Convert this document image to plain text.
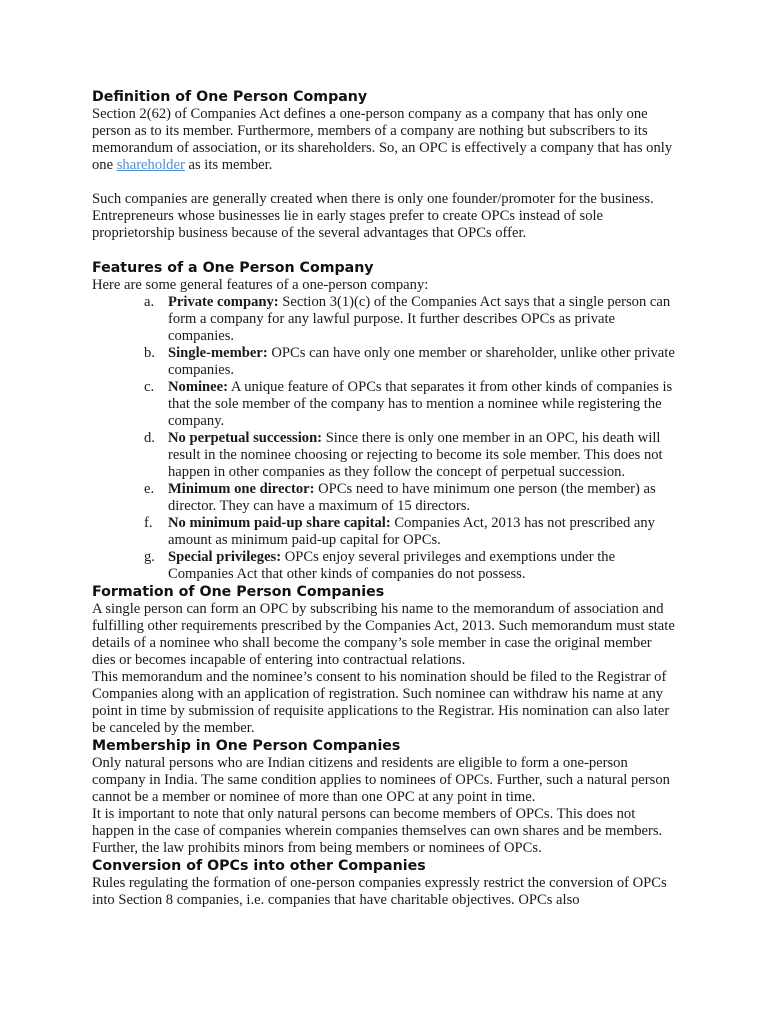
Definition of One Person Company

Section 2(62) of Companies Act defines a one-person company as a company that has only one person as to its member. Furthermore, members of a company are nothing but subscribers to its memorandum of association, or its shareholders. So, an OPC is effectively a company that has only one shareholder as its member.

Such companies are generally created when there is only one founder/promoter for the business. Entrepreneurs whose businesses lie in early stages prefer to create OPCs instead of sole proprietorship business because of the several advantages that OPCs offer.

Features of a One Person Company

Here are some general features of a one-person company:

a. Private company: Section 3(1)(c) of the Companies Act says that a single person can form a company for any lawful purpose. It further describes OPCs as private companies.
b. Single-member: OPCs can have only one member or shareholder, unlike other private companies.
c. Nominee: A unique feature of OPCs that separates it from other kinds of companies is that the sole member of the company has to mention a nominee while registering the company.
d. No perpetual succession: Since there is only one member in an OPC, his death will result in the nominee choosing or rejecting to become its sole member. This does not happen in other companies as they follow the concept of perpetual succession.
e. Minimum one director: OPCs need to have minimum one person (the member) as director. They can have a maximum of 15 directors.
f.	No minimum paid-up share capital: Companies Act, 2013 has not prescribed any amount as minimum paid-up capital for OPCs.
g. Special privileges: OPCs enjoy several privileges and exemptions under the Companies Act that other kinds of companies do not possess.
Formation of One Person Companies

A single person can form an OPC by subscribing his name to the memorandum of association and fulfilling other requirements prescribed by the Companies Act, 2013. Such memorandum must state details of a nominee who shall become the company’s sole member in case the original member dies or becomes incapable of entering into contractual relations.

This memorandum and the nominee’s consent to his nomination should be filed to the Registrar of Companies along with an application of registration. Such nominee can withdraw his name at any point in time by submission of requisite applications to the Registrar. His nomination can also later be canceled by the member.

Membership in One Person Companies

Only natural persons who are Indian citizens and residents are eligible to form a one-person company in India. The same condition applies to nominees of OPCs. Further, such a natural person cannot be a member or nominee of more than one OPC at any point in time.

It is important to note that only natural persons can become members of OPCs. This does not happen in the case of companies wherein companies themselves can own shares and be members. Further, the law prohibits minors from being members or nominees of OPCs.

Conversion of OPCs into other Companies

Rules regulating the formation of one-person companies expressly restrict the conversion of OPCs into Section 8 companies, i.e. companies that have charitable objectives. OPCs also
